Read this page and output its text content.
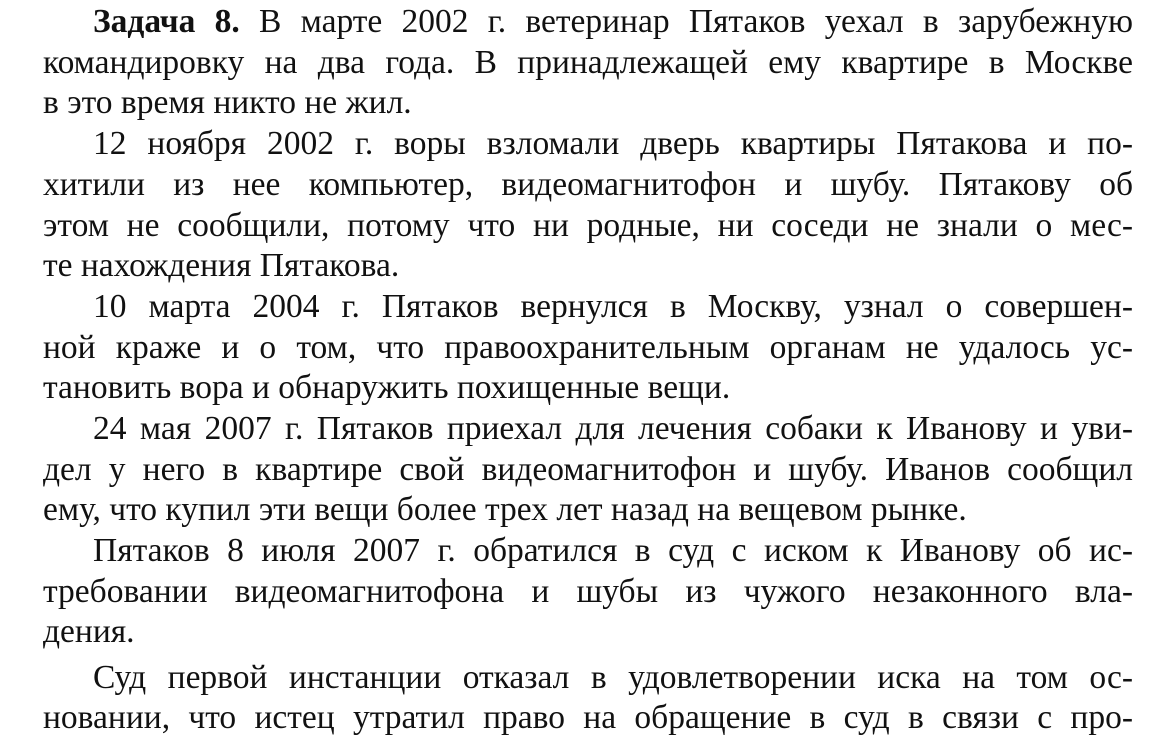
Задача 8. В марте 2002 г. ветеринар Пятаков уехал в зарубежную
командировку на два года. В принадлежащей ему квартире в Москве
в это время никто не жил.
12 ноября 2002 г. воры взломали дверь квартиры Пятакова и по-
хитили из нее компьютер, видеомагнитофон и шубу. Пятакову об
этом не сообщили, потому что ни родные, ни соседи не знали о мес-
те нахождения Пятакова.
10 марта 2004 г. Пятаков вернулся в Москву, узнал о совершен-
ной краже и о том, что правоохранительным органам не удалось ус-
тановить вора и обнаружить похищенные вещи.
24 мая 2007 г. Пятаков приехал для лечения собаки к Иванову и уви-
дел у него в квартире свой видеомагнитофон и шубу. Иванов сообщил
ему, что купил эти вещи более трех лет назад на вещевом рынке.
Пятаков 8 июля 2007 г. обратился в суд с иском к Иванову об ис-
требовании видеомагнитофона и шубы из чужого незаконного вла-
дения.
Суд первой инстанции отказал в удовлетворении иска на том ос-
новании, что истец утратил право на обращение в суд в связи с про-
